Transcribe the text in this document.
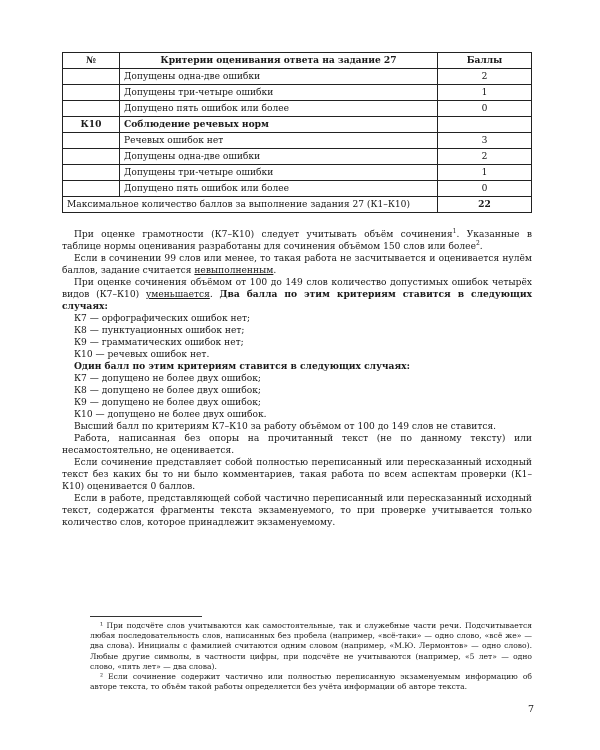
№	Критерии оценивания ответа на задание 27	Баллы
	Допущены одна-две ошибки	2
	Допущены три-четыре ошибки	1
	Допущено пять ошибок или более	0
К10	Соблюдение речевых норм	
	Речевых ошибок нет	3
	Допущены одна-две ошибки	2
	Допущены три-четыре ошибки	1
	Допущено пять ошибок или более	0
Максимальное количество баллов за выполнение задания 27 (К1–К10)		22

При оценке грамотности (К7–К10) следует учитывать объём сочинения$^1$. Указанные в таблице нормы оценивания разработаны для сочинения объёмом 150 слов или более$^2$.

Если в сочинении 99 слов или менее, то такая работа не засчитывается и оценивается нулём баллов, задание считается невыполненным.

При оценке сочинения объёмом от 100 до 149 слов количество допустимых ошибок четырёх видов (К7–К10) уменьшается. Два балла по этим критериям ставится в следующих случаях:

К7 — орфографических ошибок нет;

К8 — пунктуационных ошибок нет;

К9 — грамматических ошибок нет;

К10 — речевых ошибок нет.

Один балл по этим критериям ставится в следующих случаях:

К7 — допущено не более двух ошибок;

К8 — допущено не более двух ошибок;

К9 — допущено не более двух ошибок;

К10 — допущено не более двух ошибок.

Высший балл по критериям К7–К10 за работу объёмом от 100 до 149 слов не ставится.

Работа, написанная без опоры на прочитанный текст (не по данному тексту) или несамостоятельно, не оценивается.

Если сочинение представляет собой полностью переписанный или пересказанный исходный текст без каких бы то ни было комментариев, такая работа по всем аспектам проверки (К1–К10) оценивается 0 баллов.

Если в работе, представляющей собой частично переписанный или пересказанный исходный текст, содержатся фрагменты текста экзаменуемого, то при проверке учитывается только количество слов, которое принадлежит экзаменуемому.

¹ При подсчёте слов учитываются как самостоятельные, так и служебные части речи. Подсчитывается любая последовательность слов, написанных без пробела (например, «всё-таки» — одно слово, «всё же» — два слова). Инициалы с фамилией считаются одним словом (например, «М.Ю. Лермонтов» — одно слово). Любые другие символы, в частности цифры, при подсчёте не учитываются (например, «5 лет» — одно слово, «пять лет» — два слова).

² Если сочинение содержит частично или полностью переписанную экзаменуемым информацию об авторе текста, то объём такой работы определяется без учёта информации об авторе текста.

7
